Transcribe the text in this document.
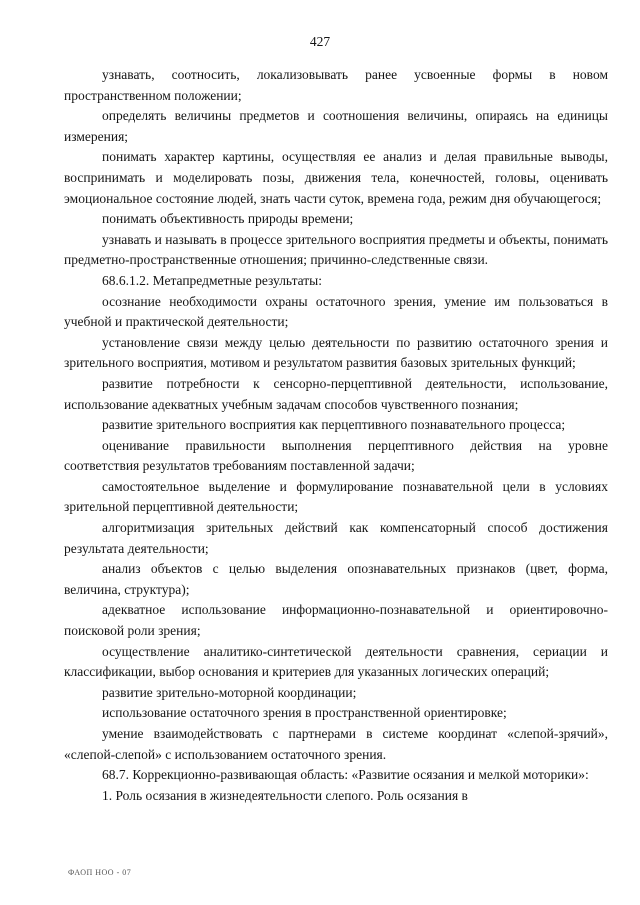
427

узнавать, соотносить, локализовывать ранее усвоенные формы в новом пространственном положении;

определять величины предметов и соотношения величины, опираясь на единицы измерения;

понимать характер картины, осуществляя ее анализ и делая правильные выводы, воспринимать и моделировать позы, движения тела, конечностей, головы, оценивать эмоциональное состояние людей, знать части суток, времена года, режим дня обучающегося;

понимать объективность природы времени;

узнавать и называть в процессе зрительного восприятия предметы и объекты, понимать предметно-пространственные отношения; причинно-следственные связи.

68.6.1.2. Метапредметные результаты:

осознание необходимости охраны остаточного зрения, умение им пользоваться в учебной и практической деятельности;

установление связи между целью деятельности по развитию остаточного зрения и зрительного восприятия, мотивом и результатом развития базовых зрительных функций;

развитие потребности к сенсорно-перцептивной деятельности, использование, использование адекватных учебным задачам способов чувственного познания;

развитие зрительного восприятия как перцептивного познавательного процесса;

оценивание правильности выполнения перцептивного действия на уровне соответствия результатов требованиям поставленной задачи;

самостоятельное выделение и формулирование познавательной цели в условиях зрительной перцептивной деятельности;

алгоритмизация зрительных действий как компенсаторный способ достижения результата деятельности;

анализ объектов с целью выделения опознавательных признаков (цвет, форма, величина, структура);

адекватное использование информационно-познавательной и ориентировочно-поисковой роли зрения;

осуществление аналитико-синтетической деятельности сравнения, сериации и классификации, выбор основания и критериев для указанных логических операций;

развитие зрительно-моторной координации;

использование остаточного зрения в пространственной ориентировке;

умение взаимодействовать с партнерами в системе координат «слепой-зрячий», «слепой-слепой» с использованием остаточного зрения.

68.7. Коррекционно-развивающая область: «Развитие осязания и мелкой моторики»:

1. Роль осязания в жизнедеятельности слепого. Роль осязания в

ФАОП НОО - 07
